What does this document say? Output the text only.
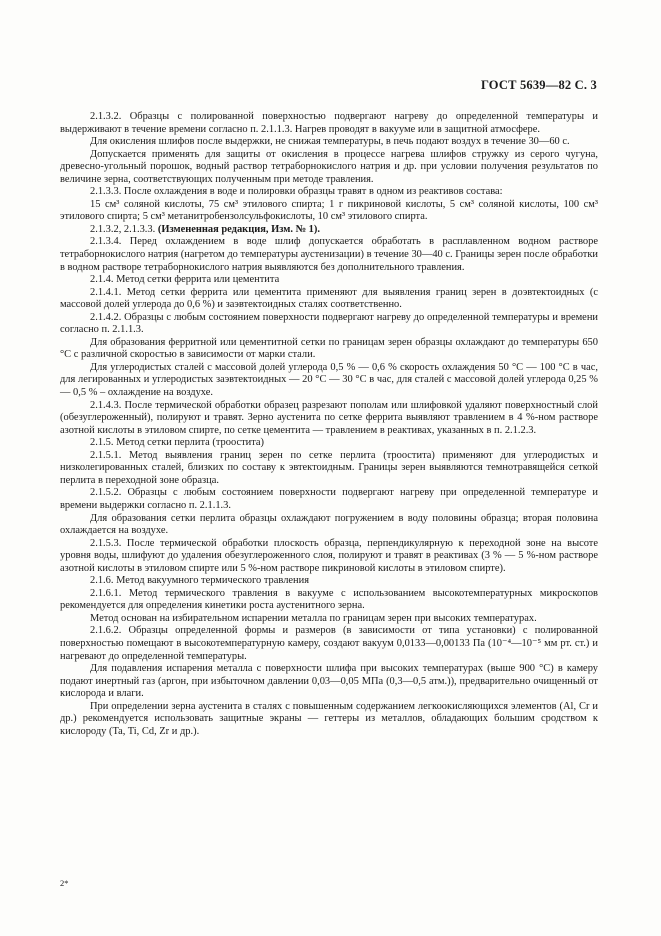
ГОСТ 5639—82 С. 3

2.1.3.2. Образцы с полированной поверхностью подвергают нагреву до определенной температуры и выдерживают в течение времени согласно п. 2.1.1.3. Нагрев проводят в вакууме или в защитной атмосфере.

Для окисления шлифов после выдержки, не снижая температуры, в печь подают воздух в течение 30—60 с.

Допускается применять для защиты от окисления в процессе нагрева шлифов стружку из серого чугуна, древесно-угольный порошок, водный раствор тетраборнокислого натрия и др. при условии получения результатов по величине зерна, соответствующих полученным при методе травления.

2.1.3.3. После охлаждения в воде и полировки образцы травят в одном из реактивов состава:

15 см³ соляной кислоты, 75 см³ этилового спирта; 1 г пикриновой кислоты, 5 см³ соляной кислоты, 100 см³ этилового спирта; 5 см³ метанитробензолсульфокислоты, 10 см³ этилового спирта.

2.1.3.2, 2.1.3.3. (Измененная редакция, Изм. № 1).

2.1.3.4. Перед охлаждением в воде шлиф допускается обработать в расплавленном водном растворе тетраборнокислого натрия (нагретом до температуры аустенизации) в течение 30—40 с. Границы зерен после обработки в водном растворе тетраборнокислого натрия выявляются без дополнительного травления.

2.1.4. Метод сетки феррита или цементита

2.1.4.1. Метод сетки феррита или цементита применяют для выявления границ зерен в доэвтектоидных (с массовой долей углерода до 0,6 %) и заэвтектоидных сталях соответственно.

2.1.4.2. Образцы с любым состоянием поверхности подвергают нагреву до определенной температуры и времени согласно п. 2.1.1.3.

Для образования ферритной или цементитной сетки по границам зерен образцы охлаждают до температуры 650 °С с различной скоростью в зависимости от марки стали.

Для углеродистых сталей с массовой долей углерода 0,5 % — 0,6 % скорость охлаждения 50 °С — 100 °С в час, для легированных и углеродистых заэвтектоидных — 20 °С — 30 °С в час, для сталей с массовой долей углерода 0,25 % — 0,5 % – охлаждение на воздухе.

2.1.4.3. После термической обработки образец разрезают пополам или шлифовкой удаляют поверхностный слой (обезуглероженный), полируют и травят. Зерно аустенита по сетке феррита выявляют травлением в 4 %-ном растворе азотной кислоты в этиловом спирте, по сетке цементита — травлением в реактивах, указанных в п. 2.1.2.3.

2.1.5. Метод сетки перлита (троостита)

2.1.5.1. Метод выявления границ зерен по сетке перлита (троостита) применяют для углеродистых и низколегированных сталей, близких по составу к эвтектоидным. Границы зерен выявляются темнотравящейся сеткой перлита в переходной зоне образца.

2.1.5.2. Образцы с любым состоянием поверхности подвергают нагреву при определенной температуре и времени выдержки согласно п. 2.1.1.3.

Для образования сетки перлита образцы охлаждают погружением в воду половины образца; вторая половина охлаждается на воздухе.

2.1.5.3. После термической обработки плоскость образца, перпендикулярную к переходной зоне на высоте уровня воды, шлифуют до удаления обезуглероженного слоя, полируют и травят в реактивах (3 % — 5 %-ном растворе азотной кислоты в этиловом спирте или 5 %-ном растворе пикриновой кислоты в этиловом спирте).

2.1.6. Метод вакуумного термического травления

2.1.6.1. Метод термического травления в вакууме с использованием высокотемпературных микроскопов рекомендуется для определения кинетики роста аустенитного зерна.

Метод основан на избирательном испарении металла по границам зерен при высоких температурах.

2.1.6.2. Образцы определенной формы и размеров (в зависимости от типа установки) с полированной поверхностью помещают в высокотемпературную камеру, создают вакуум 0,0133—0,00133 Па (10⁻⁴—10⁻⁵ мм рт. ст.) и нагревают до определенной температуры.

Для подавления испарения металла с поверхности шлифа при высоких температурах (выше 900 °С) в камеру подают инертный газ (аргон, при избыточном давлении 0,03—0,05 МПа (0,3—0,5 атм.)), предварительно очищенный от кислорода и влаги.

При определении зерна аустенита в сталях с повышенным содержанием легкоокисляющихся элементов (Al, Cr и др.) рекомендуется использовать защитные экраны — геттеры из металлов, обладающих большим сродством к кислороду (Ta, Ti, Cd, Zr и др.).

2*
